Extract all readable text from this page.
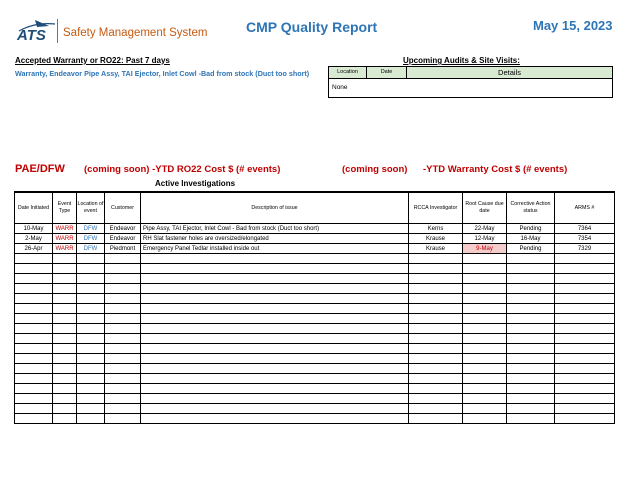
ATS Safety Management System	CMP Quality Report	May 15, 2023
Accepted Warranty or RO22: Past 7 days
Warranty, Endeavor Pipe Assy, TAI Ejector, Inlet Cowl -Bad from stock (Duct too short)
Upcoming Audits & Site Visits:
Location	Date	Details
None
PAE/DFW (coming soon) -YTD RO22 Cost $ (# events)	(coming soon) -YTD Warranty Cost $ (# events)
Active Investigations
Date Initiated	Event Type	Location of event	Customer	Description of issue	RCCA Investigator	Root Cause due date	Corrective Action status	ARMS #
10-May	WARR	DFW	Endeavor	Pipe Assy, TAI Ejector, Inlet Cowl - Bad from stock (Duct too short)	Kerns	22-May	Pending	7364
2-May	WARR	DFW	Endeavor	RH Slat fastener holes are oversized/elongated	Krause	12-May	16-May	7354
26-Apr	WARR	DFW	Piedmont	Emergency Panel Tedlar installed inside out	Krause	9-May	Pending	7329
